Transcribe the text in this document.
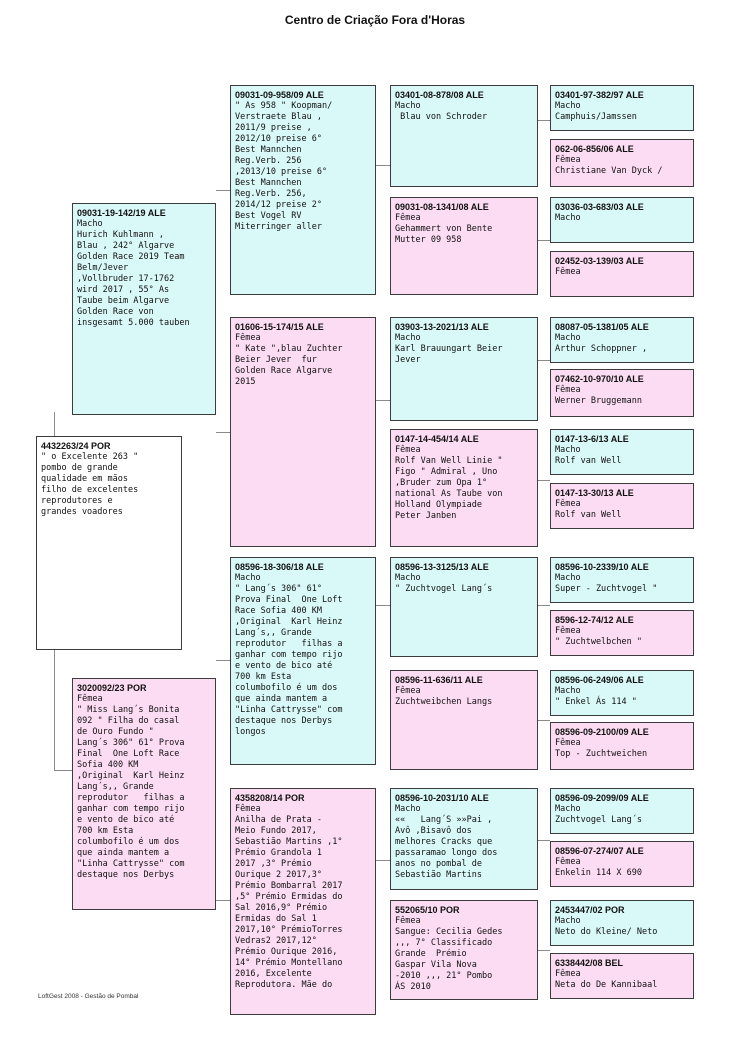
Centro de Criação Fora d'Horas
4432263/24 POR
" o Excelente 263 "
pombo de grande
qualidade em mãos
filho de excelentes
reprodutores e
grandes voadores
09031-19-142/19 ALE
Macho
Hurich Kuhlmann ,
Blau , 242° Algarve
Golden Race 2019 Team
Belm/Jever
,Vollbruder 17-1762
wird 2017 , 55° As
Taube beim Algarve
Golden Race von
insgesamt 5.000 tauben
3020092/23 POR
Fêmea
" Miss Lang´s Bonita
092 " Filha do casal
de Ouro Fundo "
Lang´s 306" 61° Prova
Final  One Loft Race
Sofia 400 KM
,Original  Karl Heinz
Lang´s,, Grande
reprodutor   filhas a
ganhar com tempo rijo
e vento de bico até
700 km Esta
columbofilo é um dos
que ainda mantem a
"Linha Cattrysse" com
destaque nos Derbys
09031-09-958/09 ALE
" As 958 " Koopman/
Verstraete Blau ,
2011/9 preise ,
2012/10 preise 6°
Best Mannchen
Reg.Verb. 256
,2013/10 preise 6°
Best Mannchen
Reg.Verb. 256,
2014/12 preise 2°
Best Vogel RV
Miterringer aller
01606-15-174/15 ALE
Fêmea
" Kate ",blau Zuchter
Beier Jever  fur
Golden Race Algarve
2015
08596-18-306/18 ALE
Macho
" Lang´s 306" 61°
Prova Final  One Loft
Race Sofia 400 KM
,Original  Karl Heinz
Lang´s,, Grande
reprodutor   filhas a
ganhar com tempo rijo
e vento de bico até
700 km Esta
columbofilo é um dos
que ainda mantem a
"Linha Cattrysse" com
destaque nos Derbys
longos
4358208/14 POR
Fêmea
Anilha de Prata -
Meio Fundo 2017,
Sebastião Martins ,1°
Prémio Grandola 1
2017 ,3° Prémio
Ourique 2 2017,3°
Prémio Bombarral 2017
,5° Prémio Ermidas do
Sal 2016,9° Prémio
Ermidas do Sal 1
2017,10° PrémioTorres
Vedras2 2017,12°
Prémio Ourique 2016,
14° Prémio Montellano
2016, Excelente
Reprodutora. Mãe do
03401-08-878/08 ALE
Macho
Blau von Schroder
09031-08-1341/08 ALE
Fêmea
Gehammert von Bente
Mutter 09 958
03903-13-2021/13 ALE
Macho
Karl Brauungart Beier
Jever
0147-14-454/14 ALE
Fêmea
Rolf Van Well Linie "
Figo " Admiral , Uno
,Bruder zum Opa 1°
national As Taube von
Holland Olympiade
Peter Janben
08596-13-3125/13 ALE
Macho
" Zuchtvogel Lang´s
08596-11-636/11 ALE
Fêmea
Zuchtweibchen Langs
08596-10-2031/10 ALE
Macho
«« ‍  Lang´S »»Pai ,
Avô ,Bisavô dos
melhores Cracks que
passaramao longo dos
anos no pombal de
Sebastião Martins
552065/10 POR
Fêmea
Sangue: Cecilia Gedes
,,, 7° Classificado
Grande  Prémio
Gaspar Vila Nova
-2010 ,,, 21° Pombo
ÁS 2010
03401-97-382/97 ALE
Macho
Camphuis/Jamssen
062-06-856/06 ALE
Fêmea
Christiane Van Dyck /
03036-03-683/03 ALE
Macho
02452-03-139/03 ALE
Fêmea
08087-05-1381/05 ALE
Macho
Arthur Schoppner ,
07462-10-970/10 ALE
Fêmea
Werner Bruggemann
0147-13-6/13 ALE
Macho
Rolf van Well
0147-13-30/13 ALE
Fêmea
Rolf van Well
08596-10-2339/10 ALE
Macho
Super - Zuchtvogel "
8596-12-74/12 ALE
Fêmea
" Zuchtwelbchen "
08596-06-249/06 ALE
Macho
" Enkel Ás 114 "
08596-09-2100/09 ALE
Fêmea
Top - Zuchtweichen
08596-09-2099/09 ALE
Macho
Zuchtvogel Lang´s
08596-07-274/07 ALE
Fêmea
Enkelin 114 X 690
2453447/02 POR
Macho
Neto do Kleine/ Neto
6338442/08 BEL
Fêmea
Neta do De Kannibaal
LoftGest 2008 - Gestão de Pombal
